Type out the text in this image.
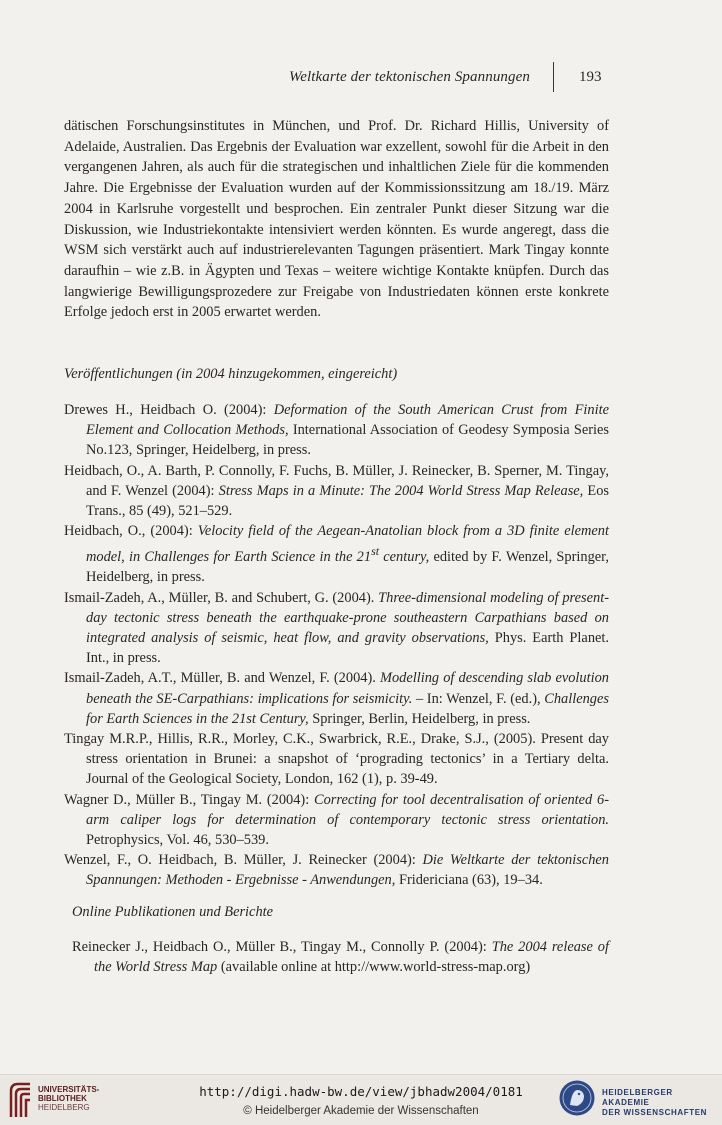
Weltkarte der tektonischen Spannungen	193

dätischen Forschungsinstitutes in München, und Prof. Dr. Richard Hillis, University of Adelaide, Australien. Das Ergebnis der Evaluation war exzellent, sowohl für die Arbeit in den vergangenen Jahren, als auch für die strategischen und inhaltlichen Ziele für die kommenden Jahre. Die Ergebnisse der Evaluation wurden auf der Kommissionssitzung am 18./19. März 2004 in Karlsruhe vorgestellt und besprochen. Ein zentraler Punkt dieser Sitzung war die Diskussion, wie Industriekontakte intensiviert werden könnten. Es wurde angeregt, dass die WSM sich verstärkt auch auf industrierelevanten Tagungen präsentiert. Mark Tingay konnte daraufhin – wie z.B. in Ägypten und Texas – weitere wichtige Kontakte knüpfen. Durch das langwierige Bewilligungsprozedere zur Freigabe von Industriedaten können erste konkrete Erfolge jedoch erst in 2005 erwartet werden.

Veröffentlichungen (in 2004 hinzugekommen, eingereicht)

Drewes H., Heidbach O. (2004): Deformation of the South American Crust from Finite Element and Collocation Methods, International Association of Geodesy Symposia Series No.123, Springer, Heidelberg, in press.

Heidbach, O., A. Barth, P. Connolly, F. Fuchs, B. Müller, J. Reinecker, B. Sperner, M. Tingay, and F. Wenzel (2004): Stress Maps in a Minute: The 2004 World Stress Map Release, Eos Trans., 85 (49), 521–529.

Heidbach, O., (2004): Velocity field of the Aegean-Anatolian block from a 3D finite element model, in Challenges for Earth Science in the 21st century, edited by F. Wenzel, Springer, Heidelberg, in press.

Ismail-Zadeh, A., Müller, B. and Schubert, G. (2004). Three-dimensional modeling of present-day tectonic stress beneath the earthquake-prone southeastern Carpathians based on integrated analysis of seismic, heat flow, and gravity observations, Phys. Earth Planet. Int., in press.

Ismail-Zadeh, A.T., Müller, B. and Wenzel, F. (2004). Modelling of descending slab evolution beneath the SE-Carpathians: implications for seismicity. – In: Wenzel, F. (ed.), Challenges for Earth Sciences in the 21st Century, Springer, Berlin, Heidelberg, in press.

Tingay M.R.P., Hillis, R.R., Morley, C.K., Swarbrick, R.E., Drake, S.J., (2005). Present day stress orientation in Brunei: a snapshot of ‘prograding tectonics’ in a Tertiary delta. Journal of the Geological Society, London, 162 (1), p. 39-49.

Wagner D., Müller B., Tingay M. (2004): Correcting for tool decentralisation of oriented 6-arm caliper logs for determination of contemporary tectonic stress orientation. Petrophysics, Vol. 46, 530–539.

Wenzel, F., O. Heidbach, B. Müller, J. Reinecker (2004): Die Weltkarte der tektonischen Spannungen: Methoden - Ergebnisse - Anwendungen, Fridericiana (63), 19–34.

Online Publikationen und Berichte

Reinecker J., Heidbach O., Müller B., Tingay M., Connolly P. (2004): The 2004 release of the World Stress Map (available online at http://www.world-stress-map.org)

UNIVERSITÄTS-
BIBLIOTHEK
HEIDELBERG
http://digi.hadw-bw.de/view/jbhadw2004/0181
© Heidelberger Akademie der Wissenschaften
HEIDELBERGER AKADEMIE
DER WISSENSCHAFTEN
